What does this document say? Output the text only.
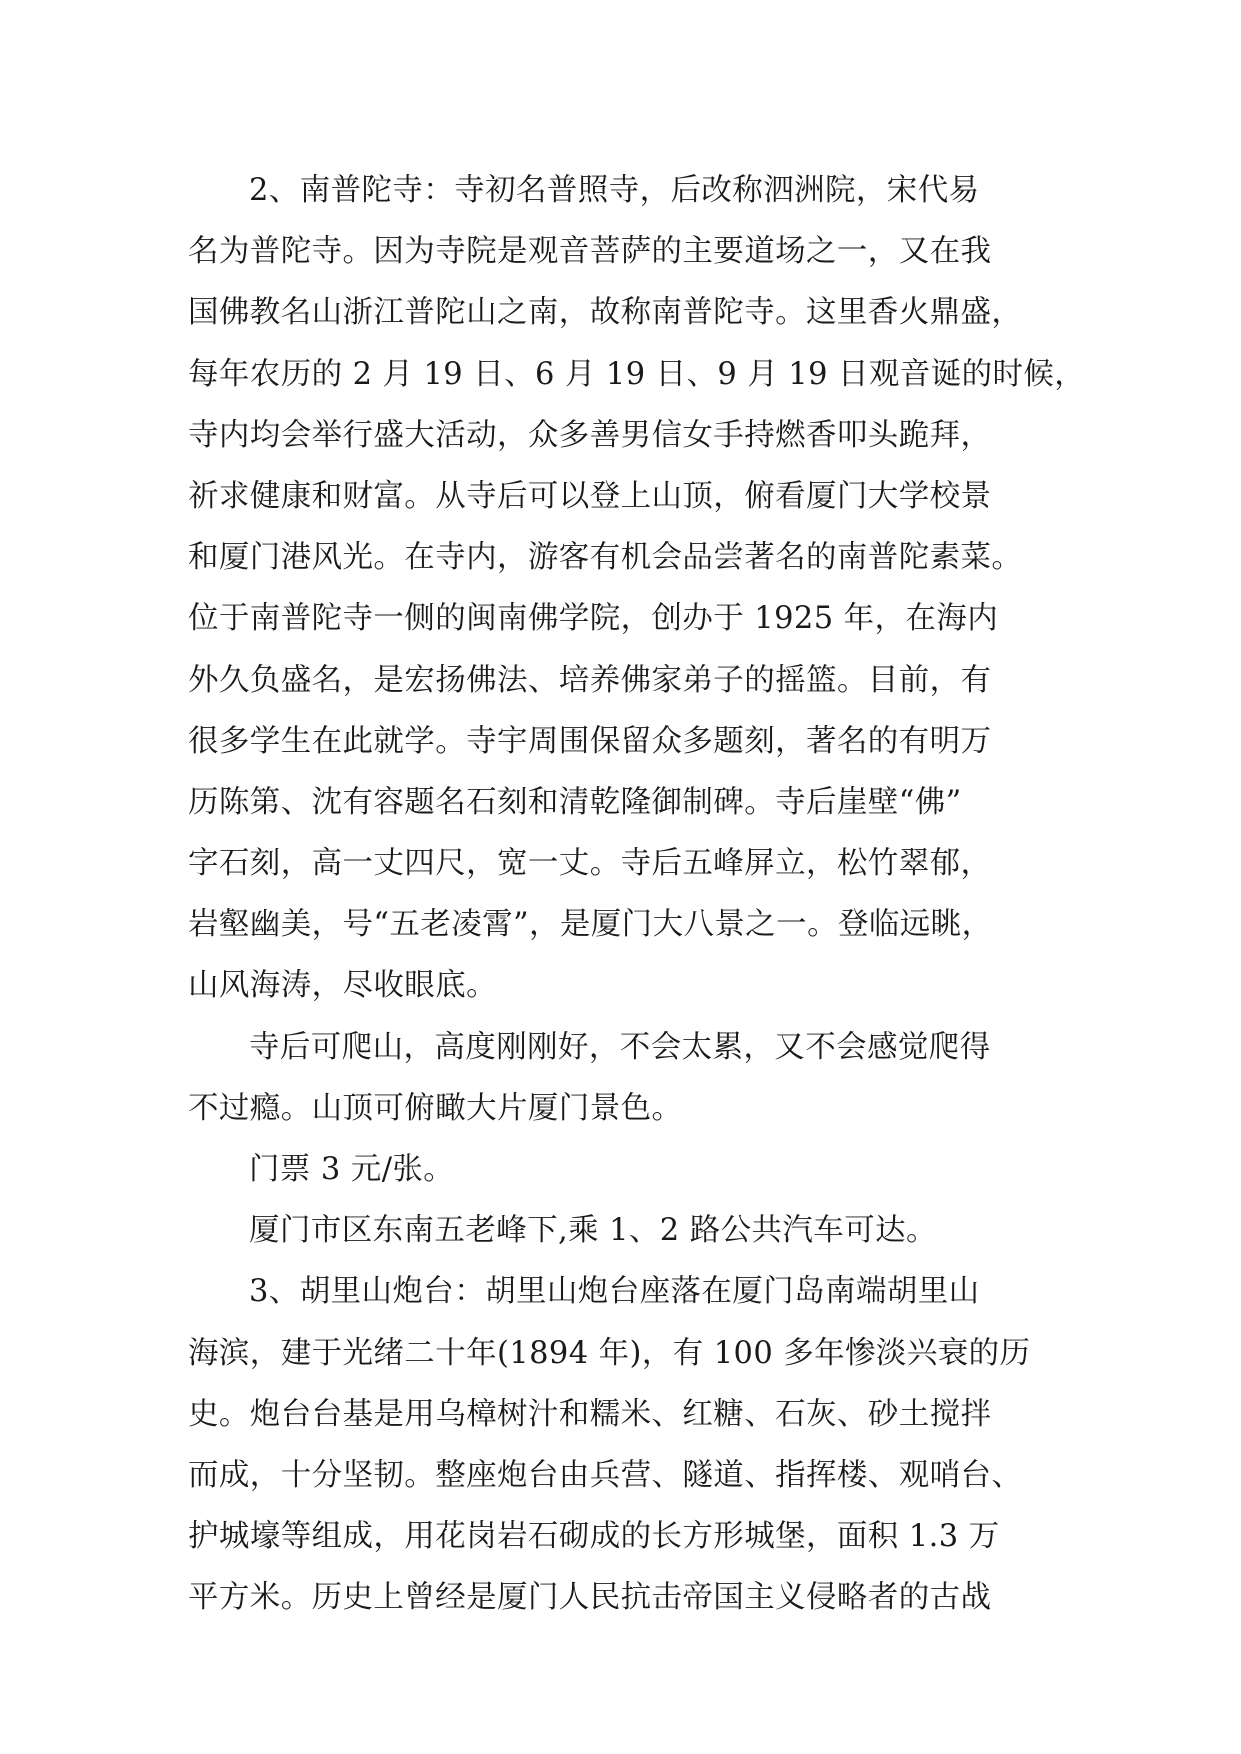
2、南普陀寺：寺初名普照寺，后改称泗洲院，宋代易
名为普陀寺。因为寺院是观音菩萨的主要道场之一，又在我
国佛教名山浙江普陀山之南，故称南普陀寺。这里香火鼎盛，
每年农历的 2 月 19 日、6 月 19 日、9 月 19 日观音诞的时候，
寺内均会举行盛大活动，众多善男信女手持燃香叩头跪拜，
祈求健康和财富。从寺后可以登上山顶，俯看厦门大学校景
和厦门港风光。在寺内，游客有机会品尝著名的南普陀素菜。
位于南普陀寺一侧的闽南佛学院，创办于 1925 年，在海内
外久负盛名，是宏扬佛法、培养佛家弟子的摇篮。目前，有
很多学生在此就学。寺宇周围保留众多题刻，著名的有明万
历陈第、沈有容题名石刻和清乾隆御制碑。寺后崖壁“佛”
字石刻，高一丈四尺，宽一丈。寺后五峰屏立，松竹翠郁，
岩壑幽美，号“五老凌霄”，是厦门大八景之一。登临远眺，
山风海涛，尽收眼底。
寺后可爬山，高度刚刚好，不会太累，又不会感觉爬得
不过瘾。山顶可俯瞰大片厦门景色。
门票 3 元/张。
厦门市区东南五老峰下,乘 1、2 路公共汽车可达。
3、胡里山炮台：胡里山炮台座落在厦门岛南端胡里山
海滨，建于光绪二十年(1894 年)，有 100 多年惨淡兴衰的历
史。炮台台基是用乌樟树汁和糯米、红糖、石灰、砂土搅拌
而成，十分坚韧。整座炮台由兵营、隧道、指挥楼、观哨台、
护城壕等组成，用花岗岩石砌成的长方形城堡，面积 1.3 万
平方米。历史上曾经是厦门人民抗击帝国主义侵略者的古战
